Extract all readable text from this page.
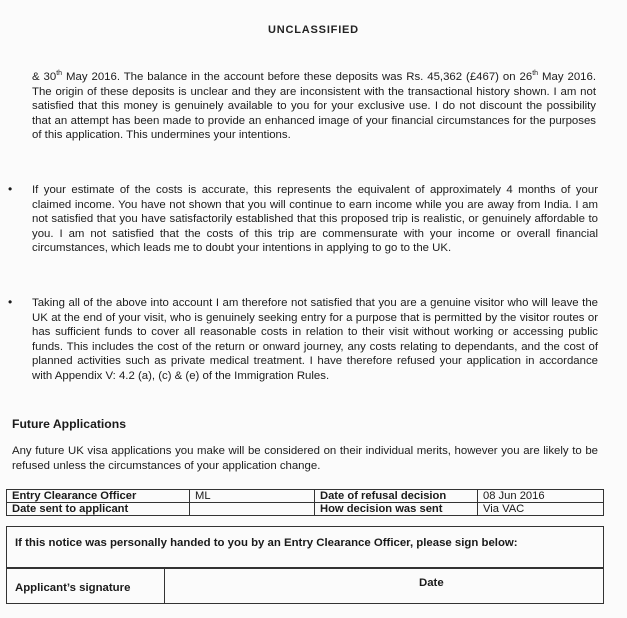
UNCLASSIFIED

& 30th May 2016. The balance in the account before these deposits was Rs. 45,362 (£467) on 26th May 2016. The origin of these deposits is unclear and they are inconsistent with the transactional history shown. I am not satisfied that this money is genuinely available to you for your exclusive use. I do not discount the possibility that an attempt has been made to provide an enhanced image of your financial circumstances for the purposes of this application. This undermines your intentions.

• If your estimate of the costs is accurate, this represents the equivalent of approximately 4 months of your claimed income. You have not shown that you will continue to earn income while you are away from India. I am not satisfied that you have satisfactorily established that this proposed trip is realistic, or genuinely affordable to you. I am not satisfied that the costs of this trip are commensurate with your income or overall financial circumstances, which leads me to doubt your intentions in applying to go to the UK.

• Taking all of the above into account I am therefore not satisfied that you are a genuine visitor who will leave the UK at the end of your visit, who is genuinely seeking entry for a purpose that is permitted by the visitor routes or has sufficient funds to cover all reasonable costs in relation to their visit without working or accessing public funds. This includes the cost of the return or onward journey, any costs relating to dependants, and the cost of planned activities such as private medical treatment. I have therefore refused your application in accordance with Appendix V: 4.2 (a), (c) & (e) of the Immigration Rules.

Future Applications

Any future UK visa applications you make will be considered on their individual merits, however you are likely to be refused unless the circumstances of your application change.

Entry Clearance Officer	ML	Date of refusal decision	08 Jun 2016
Date sent to applicant		How decision was sent	Via VAC
If this notice was personally handed to you by an Entry Clearance Officer, please sign below:
Applicant’s signature	Date
